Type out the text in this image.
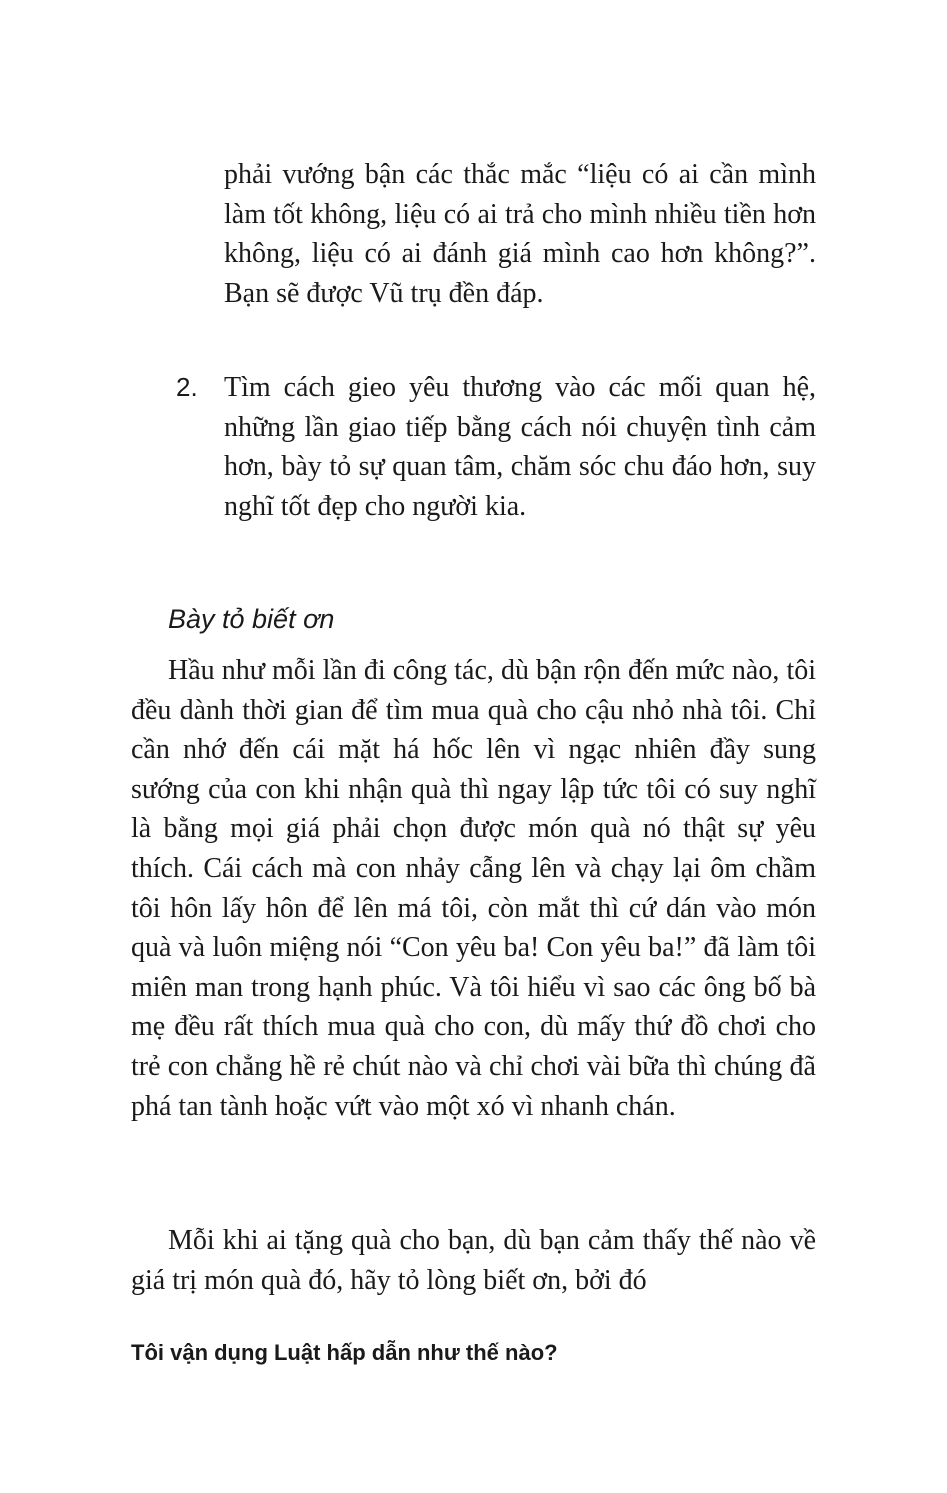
phải vướng bận các thắc mắc “liệu có ai cần mình làm tốt không, liệu có ai trả cho mình nhiều tiền hơn không, liệu có ai đánh giá mình cao hơn không?”. Bạn sẽ được Vũ trụ đền đáp.
2. Tìm cách gieo yêu thương vào các mối quan hệ, những lần giao tiếp bằng cách nói chuyện tình cảm hơn, bày tỏ sự quan tâm, chăm sóc chu đáo hơn, suy nghĩ tốt đẹp cho người kia.
Bày tỏ biết ơn

Hầu như mỗi lần đi công tác, dù bận rộn đến mức nào, tôi đều dành thời gian để tìm mua quà cho cậu nhỏ nhà tôi. Chỉ cần nhớ đến cái mặt há hốc lên vì ngạc nhiên đầy sung sướng của con khi nhận quà thì ngay lập tức tôi có suy nghĩ là bằng mọi giá phải chọn được món quà nó thật sự yêu thích. Cái cách mà con nhảy cẫng lên và chạy lại ôm chầm tôi hôn lấy hôn để lên má tôi, còn mắt thì cứ dán vào món quà và luôn miệng nói “Con yêu ba! Con yêu ba!” đã làm tôi miên man trong hạnh phúc. Và tôi hiểu vì sao các ông bố bà mẹ đều rất thích mua quà cho con, dù mấy thứ đồ chơi cho trẻ con chẳng hề rẻ chút nào và chỉ chơi vài bữa thì chúng đã phá tan tành hoặc vứt vào một xó vì nhanh chán.

Mỗi khi ai tặng quà cho bạn, dù bạn cảm thấy thế nào về giá trị món quà đó, hãy tỏ lòng biết ơn, bởi đó

Tôi vận dụng Luật hấp dẫn như thế nào?
